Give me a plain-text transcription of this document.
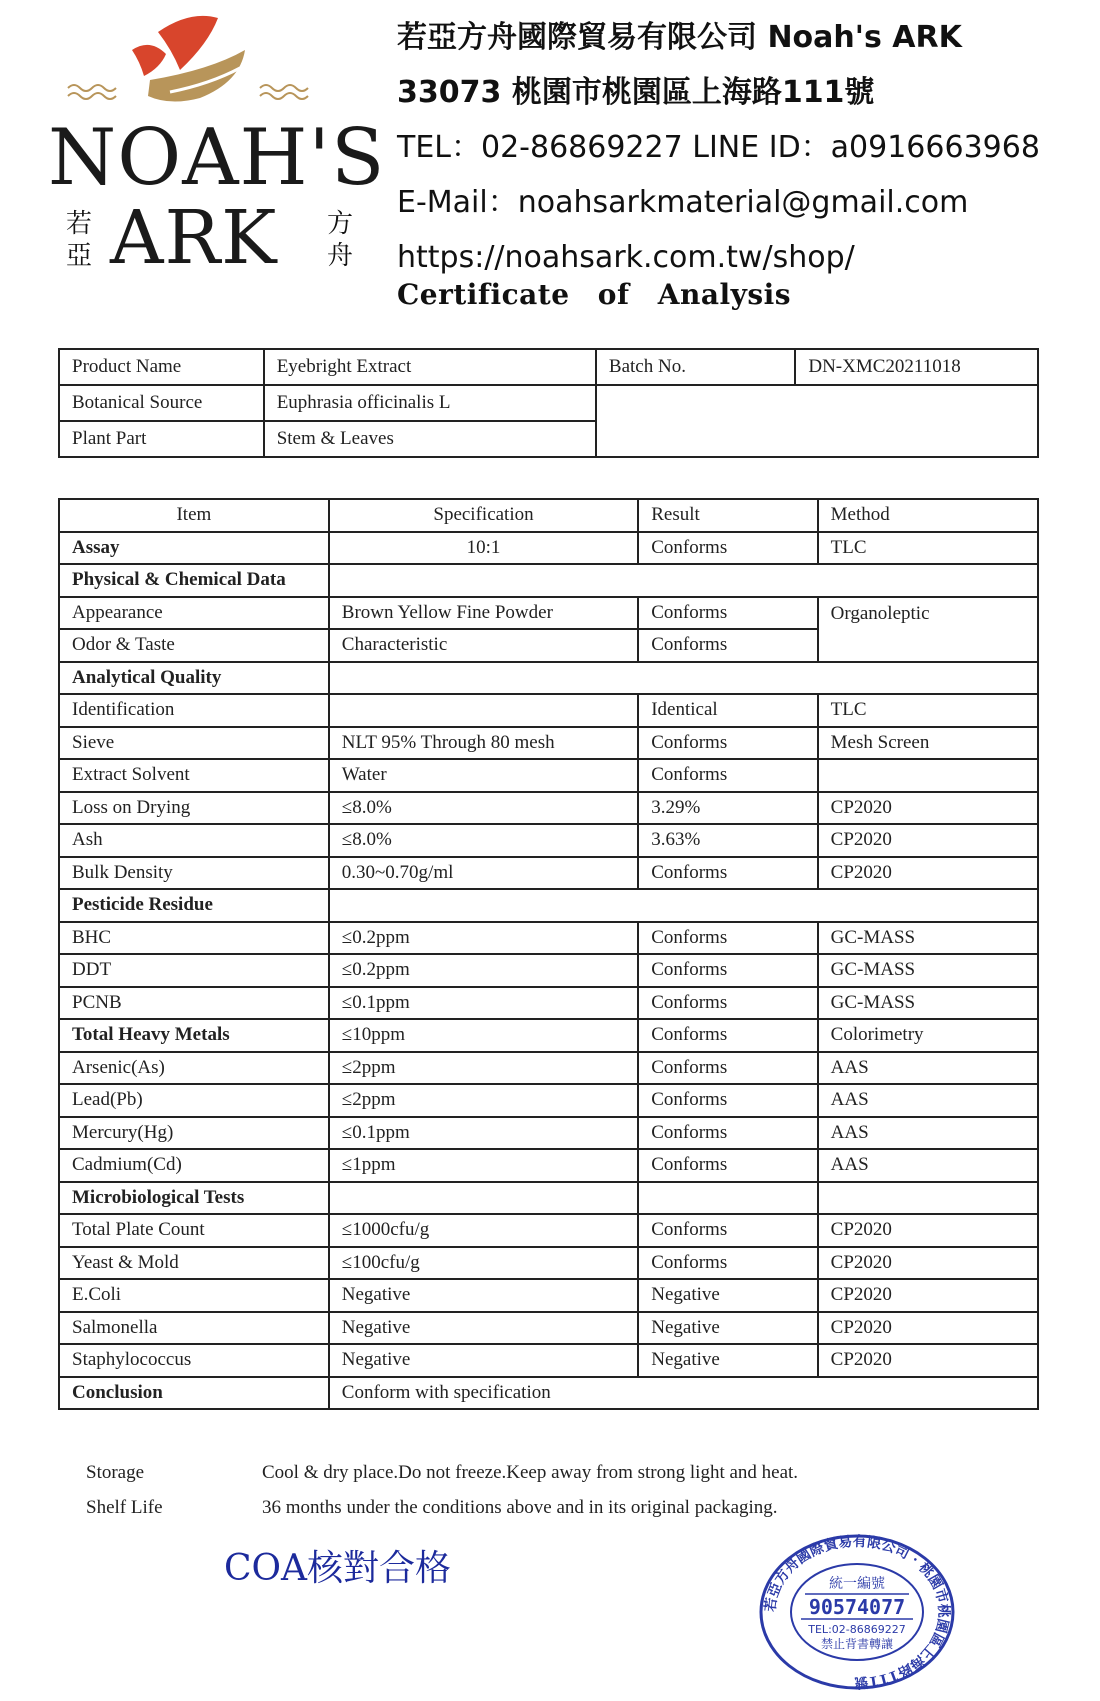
NOAH'S
ARK
若
亞
方
舟
若亞方舟國際貿易有限公司 Noah's ARK
33073 桃園市桃園區上海路111號
TEL：02-86869227 LINE ID：a0916663968
E-Mail：noahsarkmaterial@gmail.com
https://noahsark.com.tw/shop/
Certificate of Analysis
Product Name	Eyebright Extract	Batch No.	DN-XMC20211018
Botanical Source	Euphrasia officinalis L		
Plant Part	Stem & Leaves		
Item	Specification	Result	Method
Assay	10:1	Conforms	TLC
Physical & Chemical Data			
Appearance	Brown Yellow Fine Powder	Conforms	Organoleptic
Odor & Taste	Characteristic	Conforms	
Analytical Quality			
Identification		Identical	TLC
Sieve	NLT 95% Through 80 mesh	Conforms	Mesh Screen
Extract Solvent	Water	Conforms	
Loss on Drying	≤8.0%	3.29%	CP2020
Ash	≤8.0%	3.63%	CP2020
Bulk Density	0.30~0.70g/ml	Conforms	CP2020
Pesticide Residue			
BHC	≤0.2ppm	Conforms	GC-MASS
DDT	≤0.2ppm	Conforms	GC-MASS
PCNB	≤0.1ppm	Conforms	GC-MASS
Total Heavy Metals	≤10ppm	Conforms	Colorimetry
Arsenic(As)	≤2ppm	Conforms	AAS
Lead(Pb)	≤2ppm	Conforms	AAS
Mercury(Hg)	≤0.1ppm	Conforms	AAS
Cadmium(Cd)	≤1ppm	Conforms	AAS
Microbiological Tests			
Total Plate Count	≤1000cfu/g	Conforms	CP2020
Yeast & Mold	≤100cfu/g	Conforms	CP2020
E.Coli	Negative	Negative	CP2020
Salmonella	Negative	Negative	CP2020
Staphylococcus	Negative	Negative	CP2020
Conclusion	Conform with specification		
Storage	Cool & dry place.Do not freeze.Keep away from strong light and heat.
Shelf Life	36 months under the conditions above and in its original packaging.
COA核對合格
若亞方舟國際貿易有限公司 · 桃園市桃園區上海路111號
統一編號
90574077
TEL:02-86869227
禁止背書轉讓
